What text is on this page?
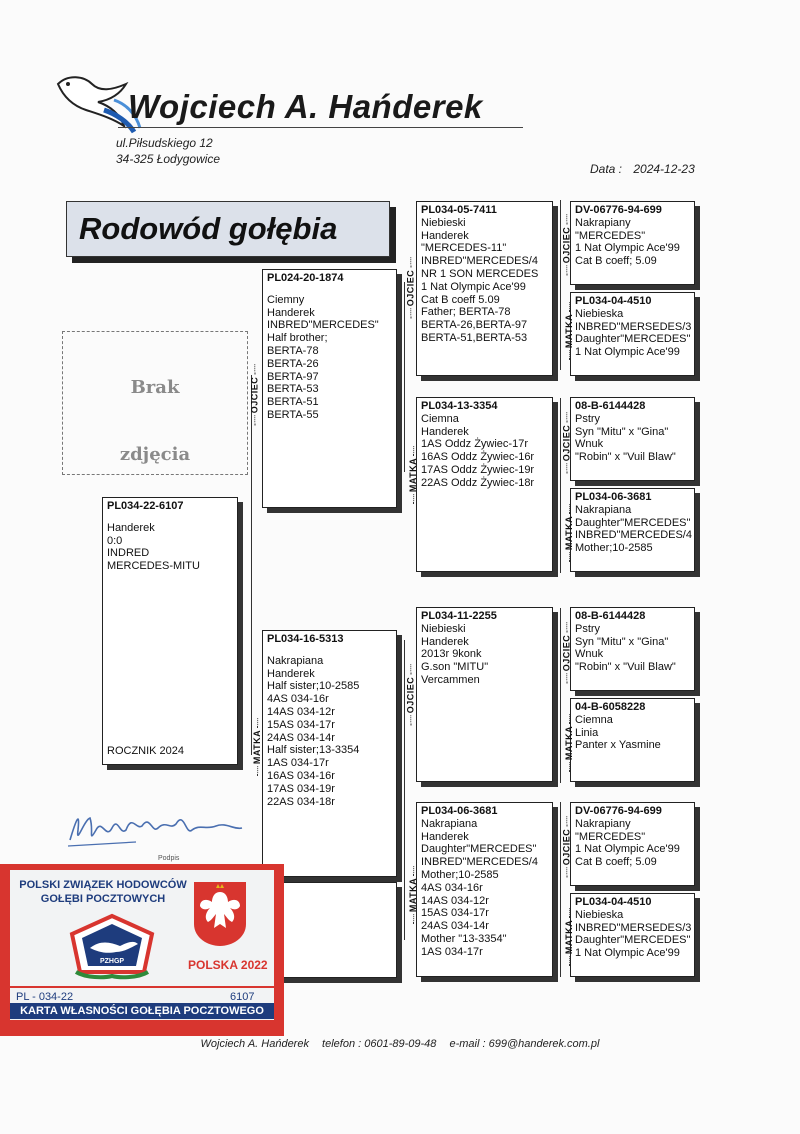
Wojciech A. Hańderek
ul.Piłsudskiego 12
34-325 Łodygowice
Data : 2024-12-23
Rodowód gołębia
Brak
zdjęcia
PL034-22-6107
Handerek
0:0
INDRED
MERCEDES-MITU
ROCZNIK 2024
PL024-20-1874
Ciemny
Handerek
INBRED"MERCEDES"
Half brother;
BERTA-78
BERTA-26
BERTA-97
BERTA-53
BERTA-51
BERTA-55
OJCIEC
PL034-16-5313
Nakrapiana
Handerek
Half sister;10-2585
4AS 034-16r
14AS 034-12r
15AS 034-17r
24AS 034-14r
Half sister;13-3354
1AS 034-17r
16AS 034-16r
17AS 034-19r
22AS 034-18r
MATKA
PL034-05-7411
Niebieski
Handerek
"MERCEDES-11"
INBRED"MERCEDES/4
NR 1 SON MERCEDES
1 Nat Olympic Ace'99
Cat B coeff 5.09
Father; BERTA-78
BERTA-26,BERTA-97
BERTA-51,BERTA-53
PL034-13-3354
Ciemna
Handerek
1AS Oddz Żywiec-17r
16AS Oddz Żywiec-16r
17AS Oddz Żywiec-19r
22AS Oddz Żywiec-18r
PL034-11-2255
Niebieski
Handerek
2013r 9konk
G.son "MITU"
Vercammen
PL034-06-3681
Nakrapiana
Handerek
Daughter"MERCEDES"
INBRED"MERCEDES/4
Mother;10-2585
4AS 034-16r
14AS 034-12r
15AS 034-17r
24AS 034-14r
Mother "13-3354"
1AS 034-17r
OJCIEC
MATKA
OJCIEC
MATKA
DV-06776-94-699
Nakrapiany
"MERCEDES"
1 Nat Olympic Ace'99
Cat B coeff; 5.09
PL034-04-4510
Niebieska
INBRED"MERSEDES/3
Daughter"MERCEDES"
1 Nat Olympic Ace'99
08-B-6144428
Pstry
Syn "Mitu" x "Gina"
Wnuk
"Robin" x "Vuil Blaw"
PL034-06-3681
Nakrapiana
Daughter"MERCEDES"
INBRED"MERCEDES/4
Mother;10-2585
08-B-6144428
Pstry
Syn "Mitu" x "Gina"
Wnuk
"Robin" x "Vuil Blaw"
04-B-6058228
Ciemna
Linia
Panter x Yasmine
DV-06776-94-699
Nakrapiany
"MERCEDES"
1 Nat Olympic Ace'99
Cat B coeff; 5.09
PL034-04-4510
Niebieska
INBRED"MERSEDES/3
Daughter"MERCEDES"
1 Nat Olympic Ace'99
OJCIEC
MATKA
OJCIEC
MATKA
OJCIEC
MATKA
OJCIEC
MATKA
Podpis
POLSKI ZWIĄZEK HODOWCÓW
GOŁĘBI POCZTOWYCH
PZHGP	POLSKA 2022
PL - 034-22	6107
KARTA WŁASNOŚCI GOŁĘBIA POCZTOWEGO
Wojciech A. Hańderek telefon : 0601-89-09-48 e-mail : 699@handerek.com.pl
